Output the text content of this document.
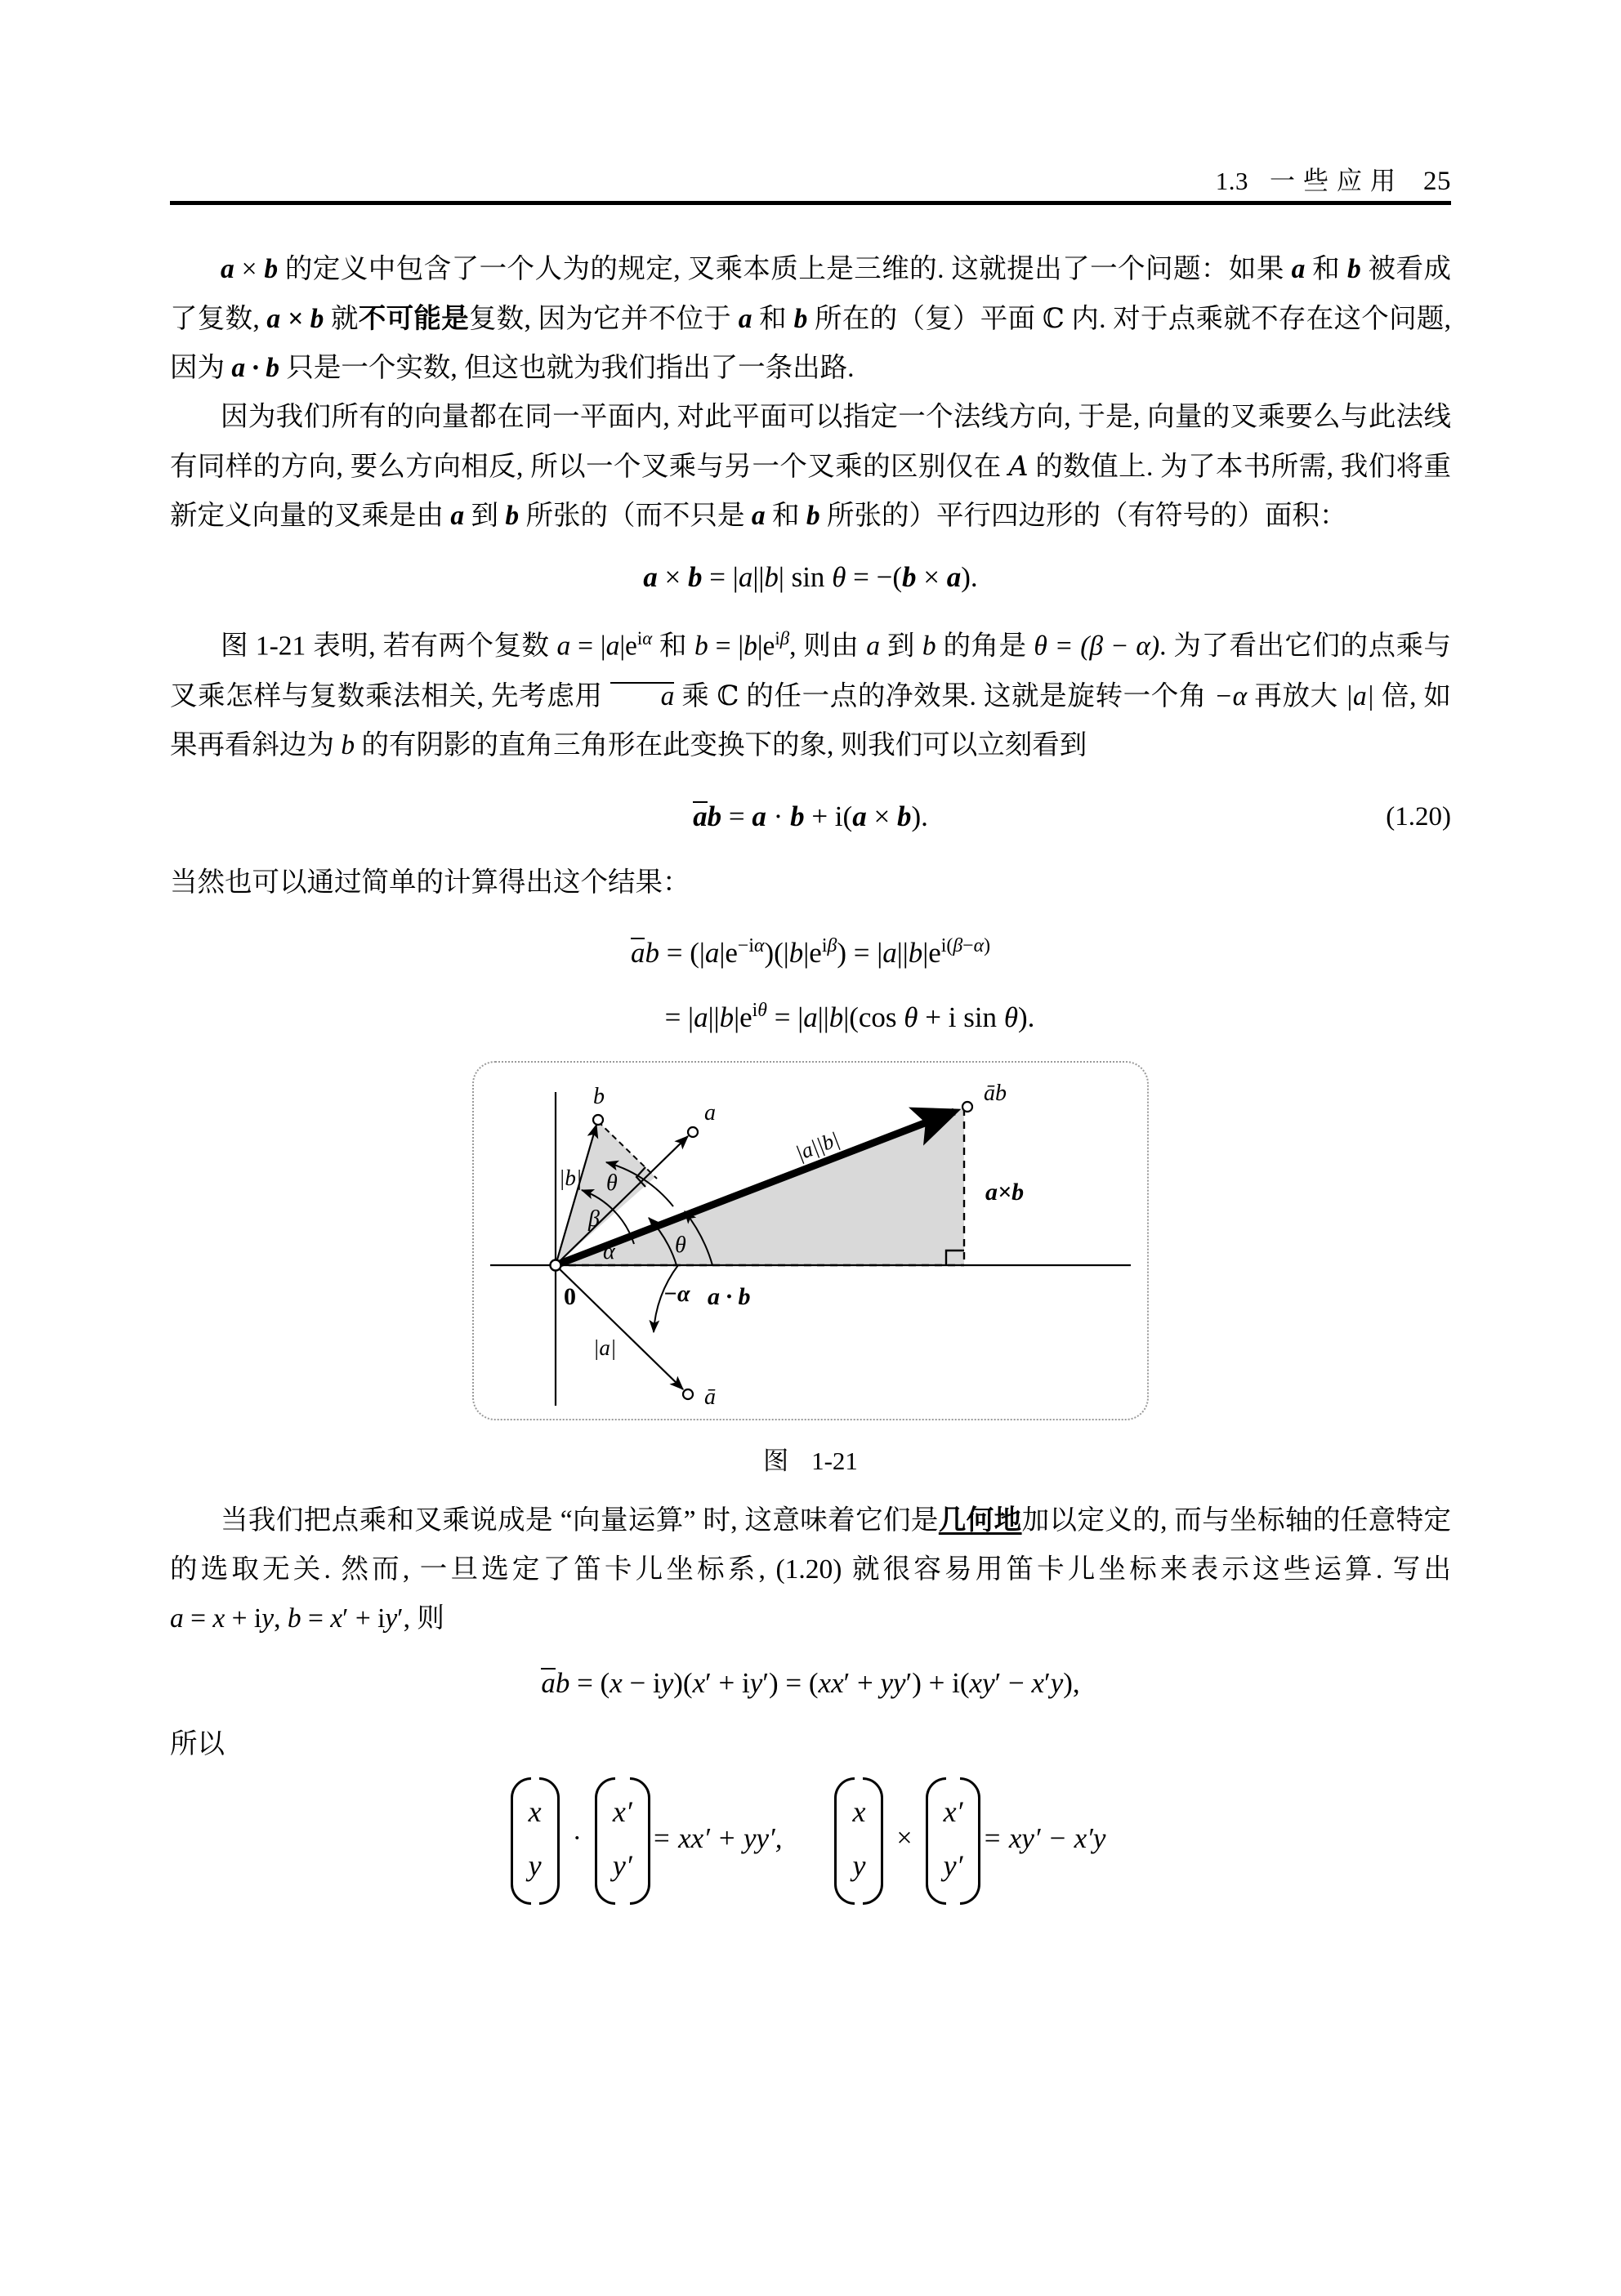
1.3 一些应用 25

a × b 的定义中包含了一个人为的规定, 叉乘本质上是三维的. 这就提出了一个问题：如果 a 和 b 被看成了复数, a × b 就不可能是复数, 因为它并不位于 a 和 b 所在的（复）平面 ℂ 内. 对于点乘就不存在这个问题, 因为 a · b 只是一个实数, 但这也就为我们指出了一条出路.

因为我们所有的向量都在同一平面内, 对此平面可以指定一个法线方向, 于是, 向量的叉乘要么与此法线有同样的方向, 要么方向相反, 所以一个叉乘与另一个叉乘的区别仅在 A 的数值上. 为了本书所需, 我们将重新定义向量的叉乘是由 a 到 b 所张的（而不只是 a 和 b 所张的）平行四边形的（有符号的）面积：

a × b = |a||b| sin θ = −(b × a).

图 1-21 表明, 若有两个复数 $a = |a|e^{i\alpha}$ 和 $b = |b|e^{i\beta}$, 则由 a 到 b 的角是 θ = (β − α). 为了看出它们的点乘与叉乘怎样与复数乘法相关, 先考虑用 a 乘 ℂ 的任一点的净效果. 这就是旋转一个角 −α 再放大 |a| 倍, 如果再看斜边为 b 的有阴影的直角三角形在此变换下的象, 则我们可以立刻看到

ab = a · b + i(a × b).	(1.20)

当然也可以通过简单的计算得出这个结果：

ab = $(|a|e^{-i\alpha})(|b|e^{i\beta}) = |a||b|e^{i(\beta-\alpha)}$
= $|a||b|e^{i\theta} = |a||b|(\cos$ θ + i sin θ).
0
b
a
ā
āb
|b|
|a|
|a||b|
θ
β
α	θ
−α a · b
a×b
图 1-21

当我们把点乘和叉乘说成是 “向量运算” 时, 这意味着它们是几何地加以定义的, 而与坐标轴的任意特定的选取无关. 然而, 一旦选定了笛卡儿坐标系, (1.20) 就很容易用笛卡儿坐标来表示这些运算. 写出 a = x + iy, b = x′ + iy′, 则

ab = (x − iy)(x′ + iy′) = (xx′ + yy′) + i(xy′ − x′y),

所以

x
y
·
x′
y′
= xx′ + yy′,
x
y
×
x′
y′
= xy′ − x′y
